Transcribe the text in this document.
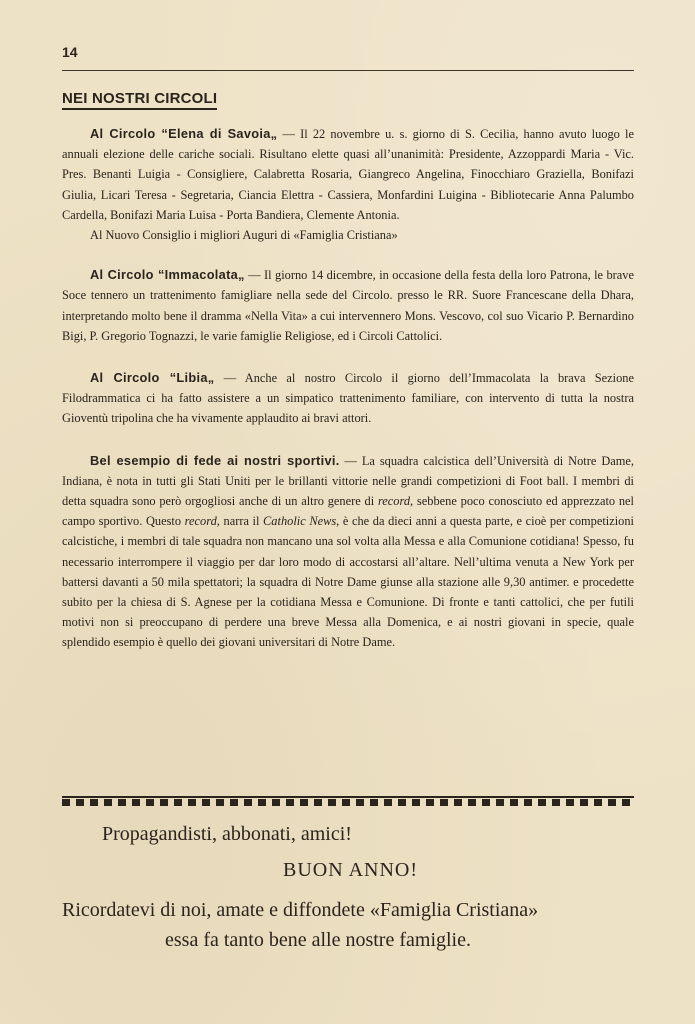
14
NEI NOSTRI CIRCOLI

Al Circolo “Elena di Savoia„ — Il 22 novembre u. s. giorno di S. Cecilia, hanno avuto luogo le annuali elezione delle cariche sociali. Risultano elette quasi all’unanimità: Presidente, Azzoppardi Maria - Vic. Pres. Benanti Luigia - Consigliere, Calabretta Rosaria, Giangreco Angelina, Finocchiaro Graziella, Bonifazi Giulia, Licari Teresa - Segretaria, Ciancia Elettra - Cassiera, Monfardini Luigina - Bibliotecarie Anna Palumbo Cardella, Bonifazi Maria Luisa - Porta Bandiera, Clemente Antonia.

Al Nuovo Consiglio i migliori Auguri di «Famiglia Cristiana»

Al Circolo “Immacolata„ — Il giorno 14 dicembre, in occasione della festa della loro Patrona, le brave Soce tennero un trattenimento famigliare nella sede del Circolo. presso le RR. Suore Francescane della Dhara, interpretando molto bene il dramma «Nella Vita» a cui intervennero Mons. Vescovo, col suo Vicario P. Bernardino Bigi, P. Gregorio Tognazzi, le varie famiglie Religiose, ed i Circoli Cattolici.

Al Circolo “Libia„ — Anche al nostro Circolo il giorno dell’Immacolata la brava Sezione Filodrammatica ci ha fatto assistere a un simpatico trattenimento familiare, con intervento di tutta la nostra Gioventù tripolina che ha vivamente applaudito ai bravi attori.

Bel esempio di fede ai nostri sportivi. — La squadra calcistica dell’Università di Notre Dame, Indiana, è nota in tutti gli Stati Uniti per le brillanti vittorie nelle grandi competizioni di Foot ball. I membri di detta squadra sono però orgogliosi anche di un altro genere di record, sebbene poco conosciuto ed apprezzato nel campo sportivo. Questo record, narra il Catholic News, è che da dieci anni a questa parte, e cioè per competizioni calcistiche, i membri di tale squadra non mancano una sol volta alla Messa e alla Comunione cotidiana! Spesso, fu necessario interrompere il viaggio per dar loro modo di accostarsi all’altare. Nell’ultima venuta a New York per battersi davanti a 50 mila spettatori; la squadra di Notre Dame giunse alla stazione alle 9,30 antimer. e procedette subito per la chiesa di S. Agnese per la cotidiana Messa e Comunione. Di fronte e tanti cattolici, che per futili motivi non si preoccupano di perdere una breve Messa alla Domenica, e ai nostri giovani in specie, quale splendido esempio è quello dei giovani universitari di Notre Dame.

Propagandisti, abbonati, amici!
BUON ANNO!
Ricordatevi di noi, amate e diffondete «Famiglia Cristiana»
essa fa tanto bene alle nostre famiglie.
